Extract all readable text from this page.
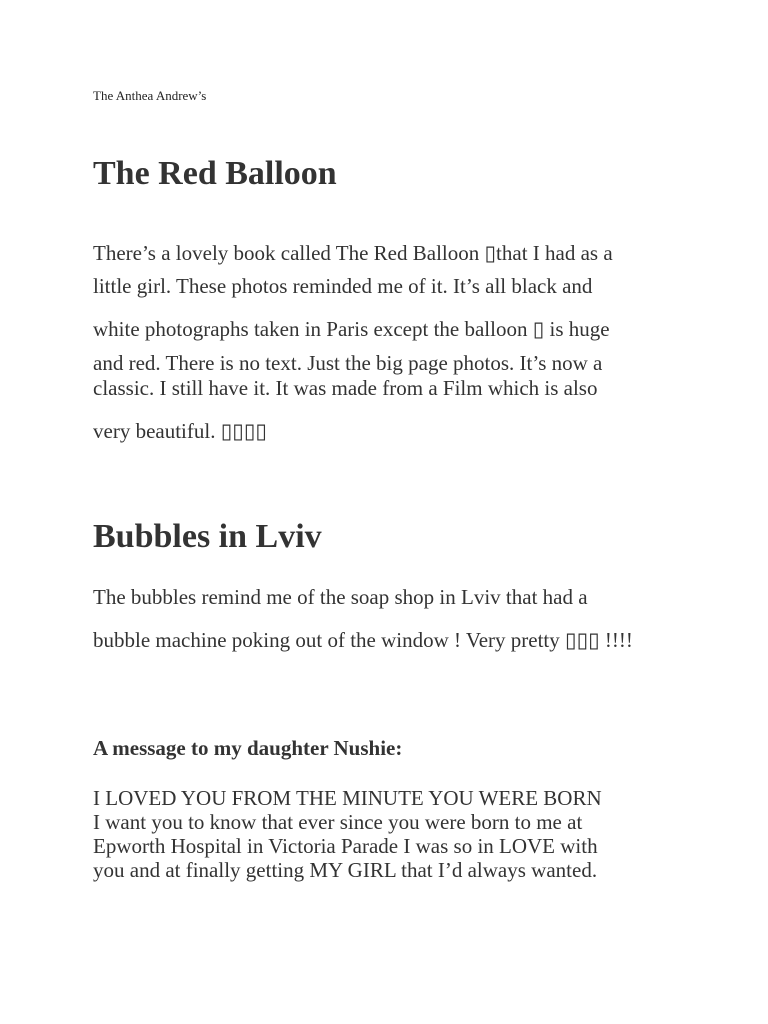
The Anthea Andrew’s
The Red Balloon
There’s a lovely book called The Red Balloon ▯that I had as a
little girl. These photos reminded me of it. It’s all black and
white photographs taken in Paris except the balloon ▯ is huge
and red. There is no text. Just the big page photos. It’s now a
classic. I still have it. It was made from a Film which is also
very beautiful. ▯▯▯▯
Bubbles in Lviv
The bubbles remind me of the soap shop in Lviv that had a
bubble machine poking out of the window ! Very pretty ▯▯▯ !!!!
A message to my daughter Nushie:
I LOVED YOU FROM THE MINUTE YOU WERE BORN
I want you to know that ever since you were born to me at
Epworth Hospital in Victoria Parade I was so in LOVE with
you and at finally getting MY GIRL that I’d always wanted.
